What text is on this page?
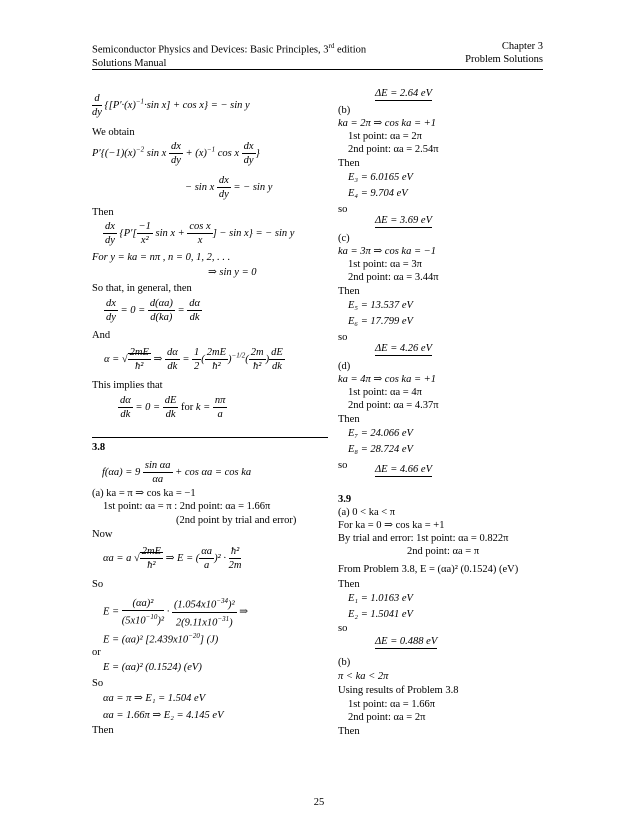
Semiconductor Physics and Devices: Basic Principles, 3rd edition
Solutions Manual
Chapter 3
Problem Solutions
$\frac{d}{dy} \{[P'\cdot(x)^{-1}\cdot\sin$ x] + cos x} = − sin y
We obtain
$P'\{(-1)(x)^{-2}$ sin x $\frac{dx}{dy} + (x)^{-1}$ cos x $\frac{dx}{dy}$ }
− sin x $\frac{dx}{dy}$ = − sin y
Then
$\frac{dx}{dy} \{P'[ \frac{-1}{\text{x²}}$ $\sin x + \frac{\text{cos x}}{x}$ ] − sin x} = − sin y
For y = ka = nπ , n = 0, 1, 2, . . .
⇒ sin y = 0
So that, in general, then
$\frac{dx}{dy} = 0 = \frac{d(\alpha a)}{d(ka)} = \frac{d\alpha}{dk}$
And
α = √ $\frac{2mE}{\text{ħ²}}$ ⇒ $\frac{d\alpha}{dk} = \frac{1}{2}$ ( $\frac{2mE}{\text{ħ²}} )^{-1/2}( \frac{2m}{\text{ħ²}}$ ) $\frac{dE}{dk}$
This implies that
$\frac{d\alpha}{dk} = 0 = \frac{dE}{dk}$ for $k = \frac{n\pi}{a}$
3.8
$f(\alpha a) = 9 \frac{\text{sin αa}}{\alpha a} + \cos \alpha a = \cos$ ka
(a) ka = π ⇒ cos ka = −1
1st point: αa = π : 2nd point: αa = 1.66π
(2nd point by trial and error)
Now
αa = a √ $\frac{2mE}{\text{ħ²}}$ ⇒ E = ( $\frac{\alpha a}{a} )^2 \cdot \frac{\text{ħ²}}{2m}$
So
$E = \frac{\text{(αa)²}}{(5x10^{-10})^2} \cdot \frac{(1.054x10^{-34})^2}{2(9.11x10^{-31})}$ ⇒
E = (αa)² $[2.439x10^{-20}]$ (J)
or
E = (αa)² (0.1524) (eV)
So
αa = π ⇒ E₁ = 1.504 eV
αa = 1.66π ⇒ E₂ = 4.145 eV
Then
ΔE = 2.64 eV
(b)
ka = 2π ⇒ cos ka = +1
1st point: αa = 2π
2nd point: αa = 2.54π
Then
E₃ = 6.0165 eV
E₄ = 9.704 eV
so
ΔE = 3.69 eV
(c)
ka = 3π ⇒ cos ka = −1
1st point: αa = 3π
2nd point: αa = 3.44π
Then
E₅ = 13.537 eV
E₆ = 17.799 eV
so
ΔE = 4.26 eV
(d)
ka = 4π ⇒ cos ka = +1
1st point: αa = 4π
2nd point: αa = 4.37π
Then
E₇ = 24.066 eV
E₈ = 28.724 eV
so	ΔE = 4.66 eV
3.9
(a) 0 < ka < π
For ka = 0 ⇒ cos ka = +1
By trial and error: 1st point: αa = 0.822π
2nd point: αa = π
From Problem 3.8, E = (αa)² (0.1524) (eV)
Then
E₁ = 1.0163 eV
E₂ = 1.5041 eV
so
ΔE = 0.488 eV
(b)
π < ka < 2π
Using results of Problem 3.8
1st point: αa = 1.66π
2nd point: αa = 2π
Then
25
